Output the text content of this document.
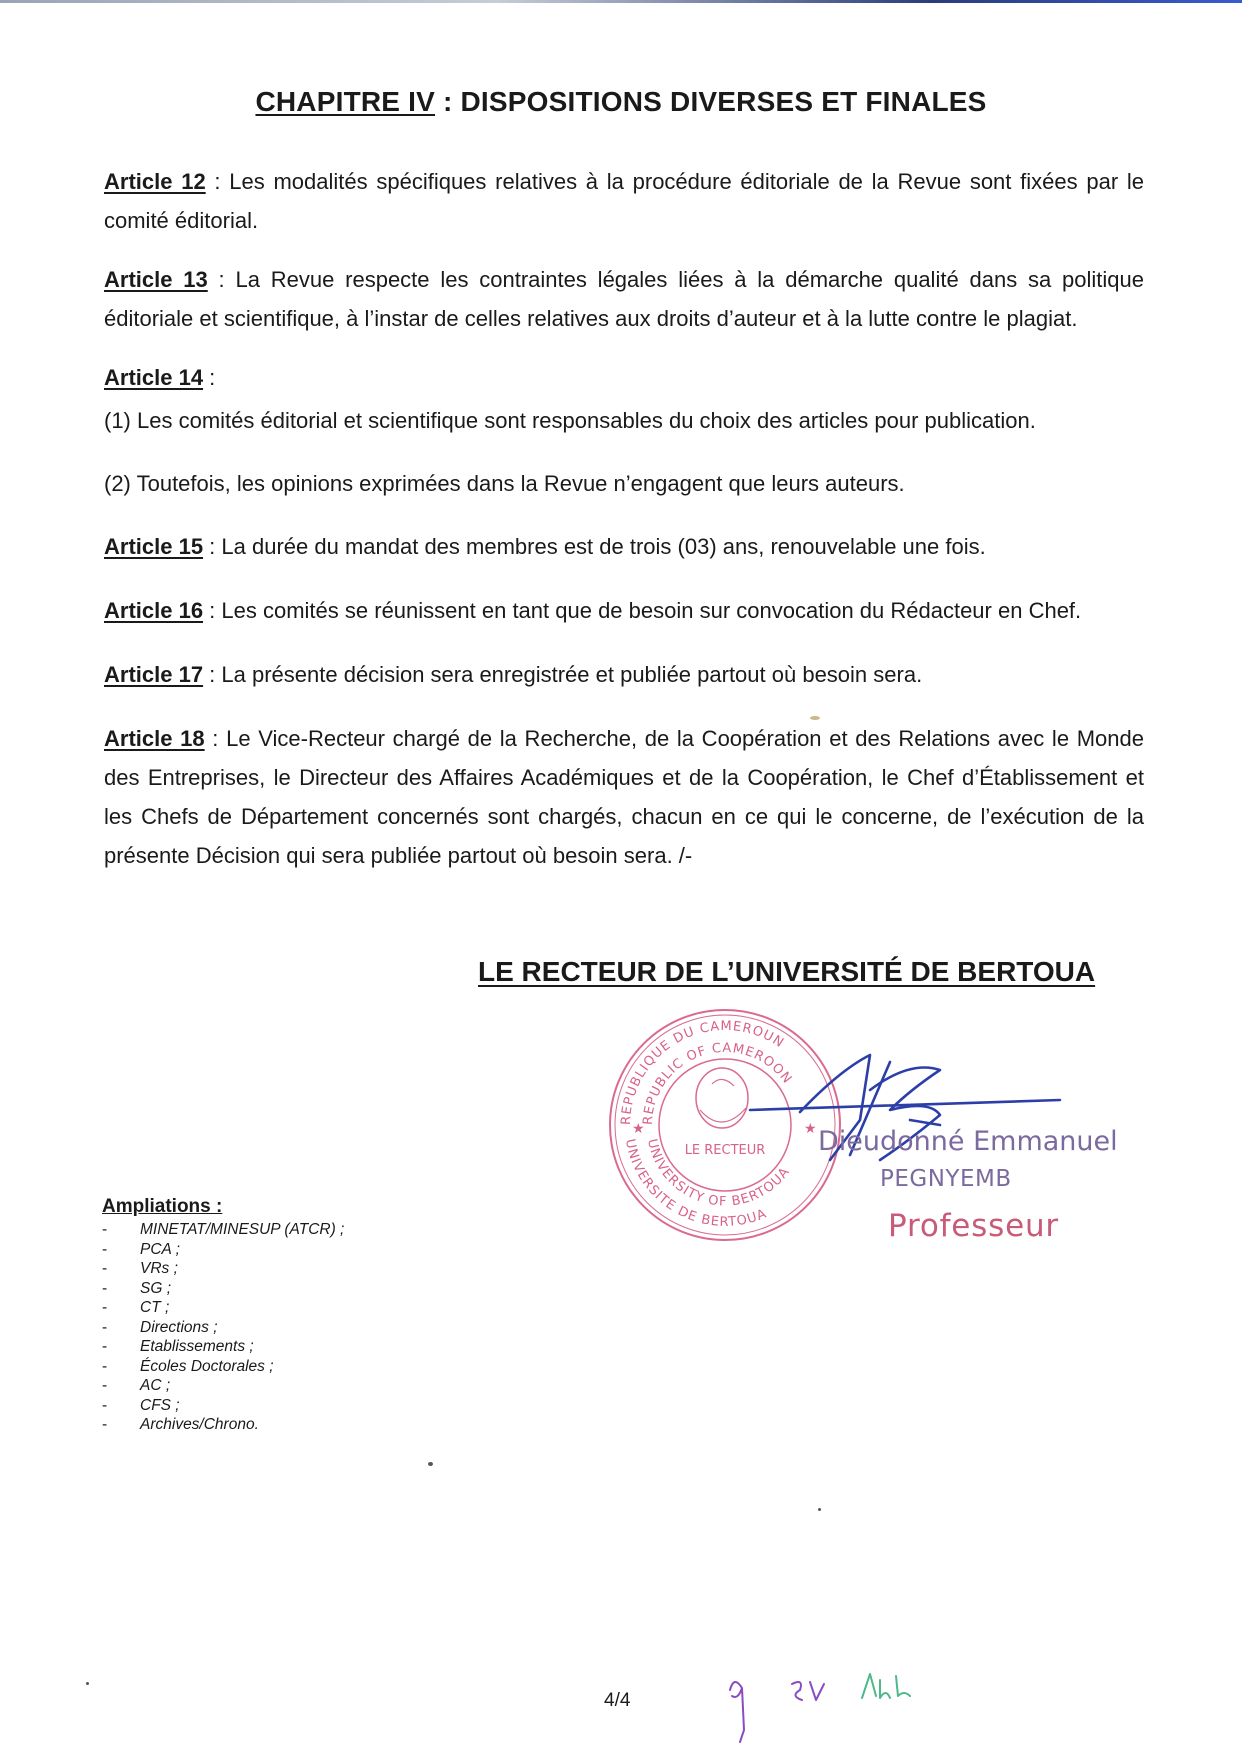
CHAPITRE IV : DISPOSITIONS DIVERSES ET FINALES

Article 12 : Les modalités spécifiques relatives à la procédure éditoriale de la Revue sont fixées par le comité éditorial.

Article 13 : La Revue respecte les contraintes légales liées à la démarche qualité dans sa politique éditoriale et scientifique, à l’instar de celles relatives aux droits d’auteur et à la lutte contre le plagiat.

Article 14 :

(1) Les comités éditorial et scientifique sont responsables du choix des articles pour publication.

(2) Toutefois, les opinions exprimées dans la Revue n’engagent que leurs auteurs.

Article 15 : La durée du mandat des membres est de trois (03) ans, renouvelable une fois.

Article 16 : Les comités se réunissent en tant que de besoin sur convocation du Rédacteur en Chef.

Article 17 : La présente décision sera enregistrée et publiée partout où besoin sera.

Article 18 : Le Vice-Recteur chargé de la Recherche, de la Coopération et des Relations avec le Monde des Entreprises, le Directeur des Affaires Académiques et de la Coopération, le Chef d’Établissement et les Chefs de Département concernés sont chargés, chacun en ce qui le concerne, de l’exécution de la présente Décision qui sera publiée partout où besoin sera. /-

LE RECTEUR DE L’UNIVERSITÉ DE BERTOUA
REPUBLIQUE DU CAMEROUN
REPUBLIC OF CAMEROON
LE RECTEUR
UNIVERSITY OF BERTOUA
UNIVERSITE DE BERTOUA
★	★ Dieudonné Emmanuel
PEGNYEMB
Professeur
Ampliations :
- MINETAT/MINESUP (ATCR) ;
- PCA ;
- VRs ;
- SG ;
- CT ;
- Directions ;
- Etablissements ;
- Écoles Doctorales ;
- AC ;
- CFS ;
- Archives/Chrono.
4/4
